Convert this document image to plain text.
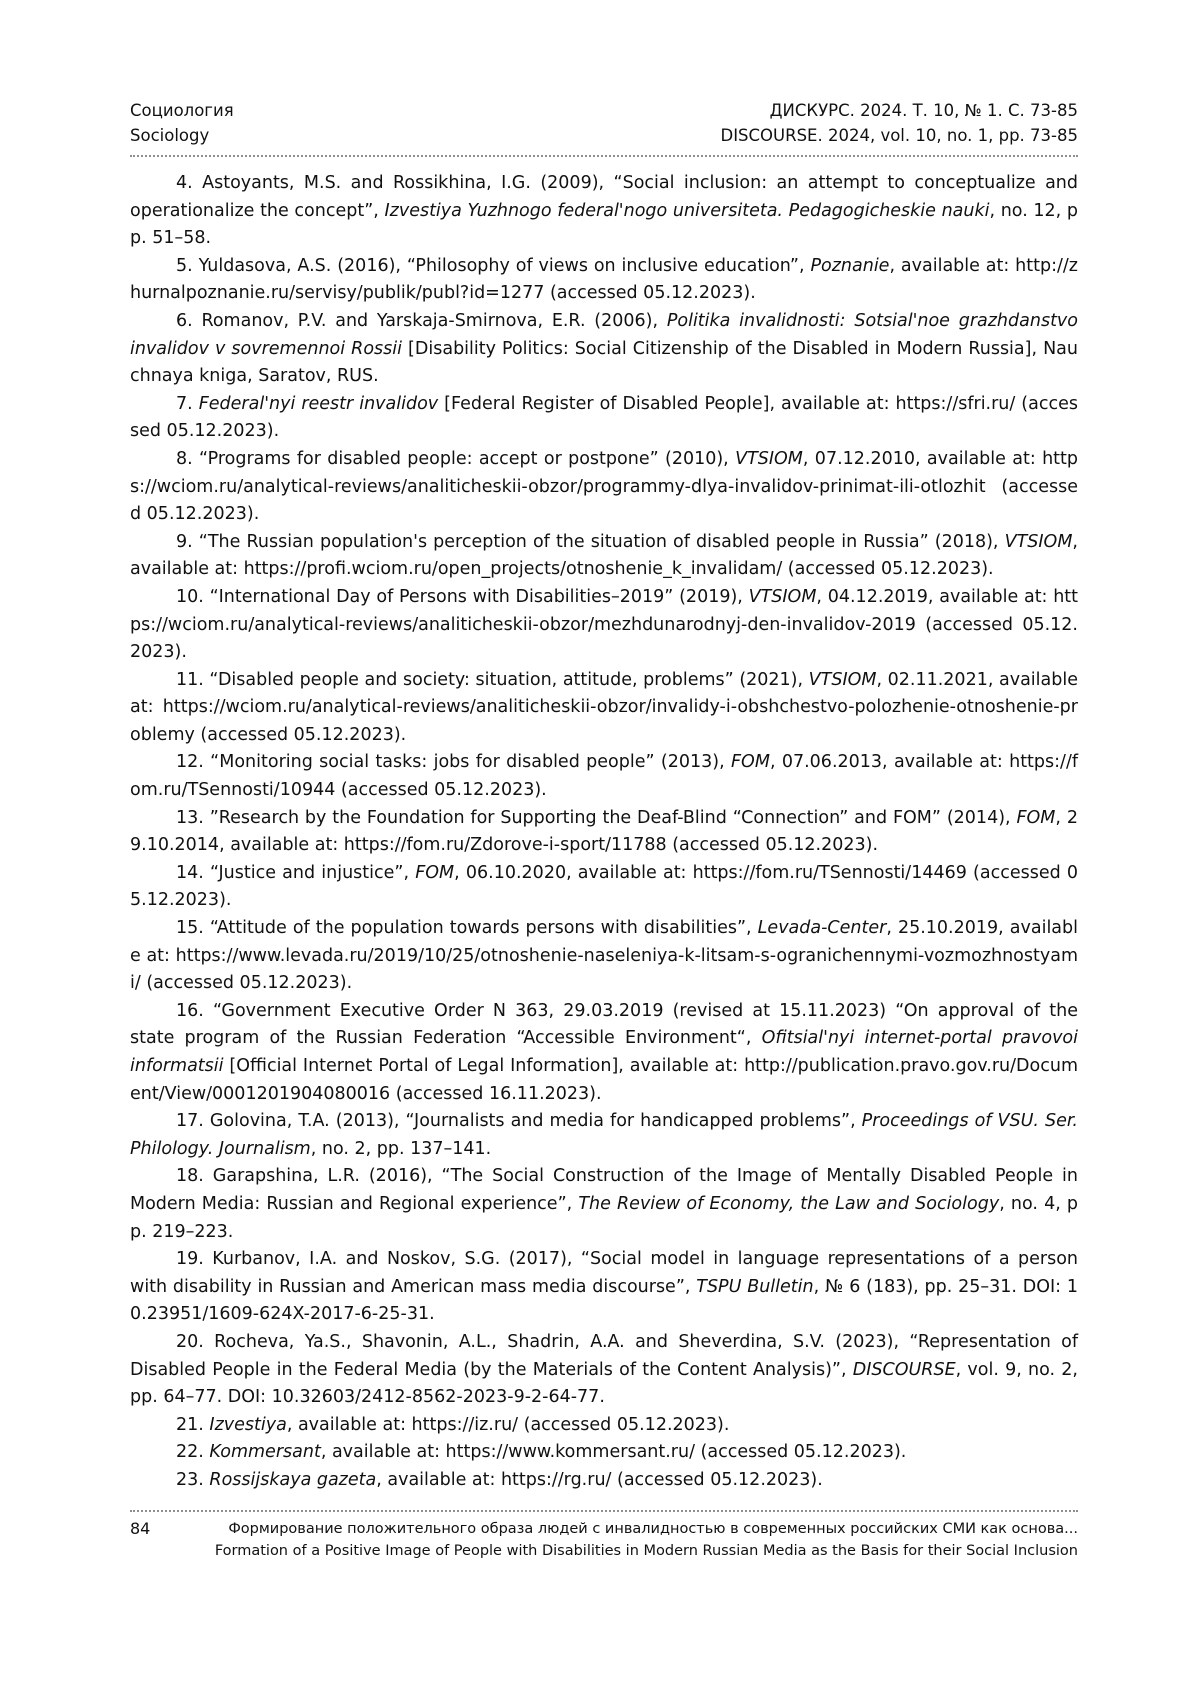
Социология
Sociology
ДИСКУРС. 2024. Т. 10, № 1. С. 73-85
DISCOURSE. 2024, vol. 10, no. 1, pp. 73-85

4. Astoyants, M.S. and Rossikhina, I.G. (2009), “Social inclusion: an attempt to conceptualize and operationalize the concept”, Izvestiya Yuzhnogo federal'nogo universiteta. Pedagogicheskie nauki, no. 12, pp. 51–58.

5. Yuldasova, A.S. (2016), “Philosophy of views on inclusive education”, Poznanie, available at: http://zhurnalpoznanie.ru/servisy/publik/publ?id=1277 (accessed 05.12.2023).

6. Romanov, P.V. and Yarskaja-Smirnova, E.R. (2006), Politika invalidnosti: Sotsial'noe grazhdanstvo invalidov v sovremennoi Rossii [Disability Politics: Social Citizenship of the Disabled in Modern Russia], Nauchnaya kniga, Saratov, RUS.

7. Federal'nyi reestr invalidov [Federal Register of Disabled People], available at: https://sfri.ru/ (accessed 05.12.2023).

8. “Programs for disabled people: accept or postpone” (2010), VTSIOM, 07.12.2010, available at: https://wciom.ru/analytical-reviews/analiticheskii-obzor/programmy-dlya-invalidov-prinimat-ili-otlozhit (accessed 05.12.2023).

9. “The Russian population's perception of the situation of disabled people in Russia” (2018), VTSIOM, available at: https://profi.wciom.ru/open_projects/otnoshenie_k_invalidam/ (accessed 05.12.2023).

10. “International Day of Persons with Disabilities–2019” (2019), VTSIOM, 04.12.2019, available at: https://wciom.ru/analytical-reviews/analiticheskii-obzor/mezhdunarodnyj-den-invalidov-2019 (accessed 05.12.2023).

11. “Disabled people and society: situation, attitude, problems” (2021), VTSIOM, 02.11.2021, available at: https://wciom.ru/analytical-reviews/analiticheskii-obzor/invalidy-i-obshchestvo-polozhenie-otnoshenie-problemy (accessed 05.12.2023).

12. “Monitoring social tasks: jobs for disabled people” (2013), FOM, 07.06.2013, available at: https://fom.ru/TSennosti/10944 (accessed 05.12.2023).

13. ”Research by the Foundation for Supporting the Deaf-Blind “Connection” and FOM” (2014), FOM, 29.10.2014, available at: https://fom.ru/Zdorove-i-sport/11788 (accessed 05.12.2023).

14. “Justice and injustice”, FOM, 06.10.2020, available at: https://fom.ru/TSennosti/14469 (accessed 05.12.2023).

15. “Attitude of the population towards persons with disabilities”, Levada-Center, 25.10.2019, available at: https://www.levada.ru/2019/10/25/otnoshenie-naseleniya-k-litsam-s-ogranichennymi-vozmozhnostyami/ (accessed 05.12.2023).

16. “Government Executive Order N 363, 29.03.2019 (revised at 15.11.2023) “On approval of the state program of the Russian Federation “Accessible Environment“, Ofitsial'nyi internet-portal pravovoi informatsii [Official Internet Portal of Legal Information], available at: http://publication.pravo.gov.ru/Document/View/0001201904080016 (accessed 16.11.2023).

17. Golovina, T.A. (2013), “Journalists and media for handicapped problems”, Proceedings of VSU. Ser. Philology. Journalism, no. 2, pp. 137–141.

18. Garapshina, L.R. (2016), “The Social Construction of the Image of Mentally Disabled People in Modern Media: Russian and Regional experience”, The Review of Economy, the Law and Sociology, no. 4, pp. 219–223.

19. Kurbanov, I.A. and Noskov, S.G. (2017), “Social model in language representations of a person with disability in Russian and American mass media discourse”, TSPU Bulletin, № 6 (183), pp. 25–31. DOI: 10.23951/1609-624X-2017-6-25-31.

20. Rocheva, Ya.S., Shavonin, A.L., Shadrin, A.A. and Sheverdina, S.V. (2023), “Representation of Disabled People in the Federal Media (by the Materials of the Content Analysis)”, DISCOURSE, vol. 9, no. 2, pp. 64–77. DOI: 10.32603/2412-8562-2023-9-2-64-77.

21. Izvestiya, available at: https://iz.ru/ (accessed 05.12.2023).

22. Kommersant, available at: https://www.kommersant.ru/ (accessed 05.12.2023).

23. Rossijskaya gazeta, available at: https://rg.ru/ (accessed 05.12.2023).

84	Формирование положительного образа людей с инвалидностью в современных российских СМИ как основа...
Formation of a Positive Image of People with Disabilities in Modern Russian Media as the Basis for their Social Inclusion
